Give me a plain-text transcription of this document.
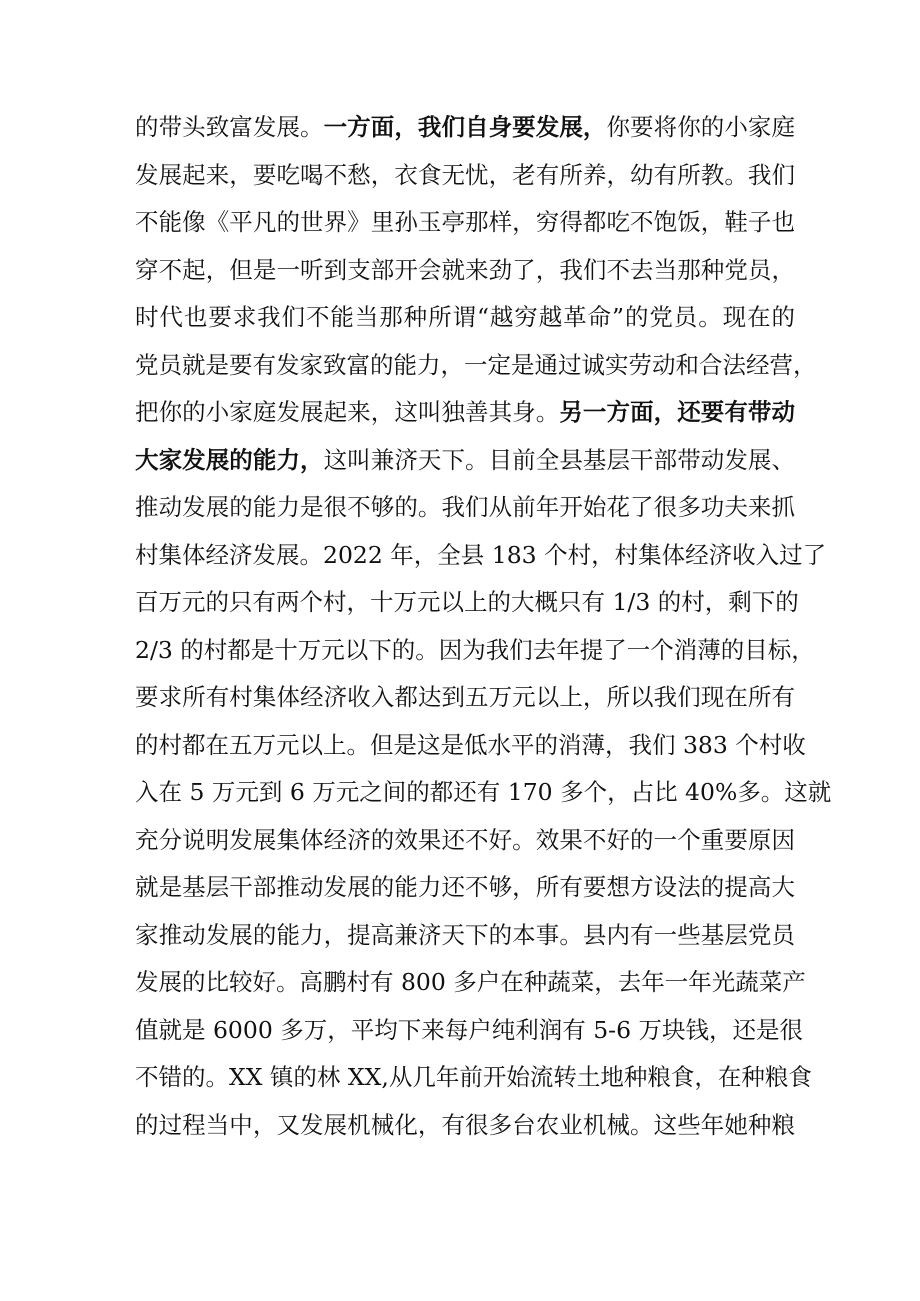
的带头致富发展。一方面，我们自身要发展，你要将你的小家庭
发展起来，要吃喝不愁，衣食无忧，老有所养，幼有所教。我们
不能像《平凡的世界》里孙玉亭那样，穷得都吃不饱饭，鞋子也
穿不起，但是一听到支部开会就来劲了，我们不去当那种党员，
时代也要求我们不能当那种所谓“越穷越革命”的党员。现在的
党员就是要有发家致富的能力，一定是通过诚实劳动和合法经营，
把你的小家庭发展起来，这叫独善其身。另一方面，还要有带动
大家发展的能力，这叫兼济天下。目前全县基层干部带动发展、
推动发展的能力是很不够的。我们从前年开始花了很多功夫来抓
村集体经济发展。2022 年，全县 183 个村，村集体经济收入过了
百万元的只有两个村，十万元以上的大概只有 1/3 的村，剩下的
2/3 的村都是十万元以下的。因为我们去年提了一个消薄的目标，
要求所有村集体经济收入都达到五万元以上，所以我们现在所有
的村都在五万元以上。但是这是低水平的消薄，我们 383 个村收
入在 5 万元到 6 万元之间的都还有 170 多个，占比 40%多。这就
充分说明发展集体经济的效果还不好。效果不好的一个重要原因
就是基层干部推动发展的能力还不够，所有要想方设法的提高大
家推动发展的能力，提高兼济天下的本事。县内有一些基层党员
发展的比较好。高鹏村有 800 多户在种蔬菜，去年一年光蔬菜产
值就是 6000 多万，平均下来每户纯利润有 5-6 万块钱，还是很
不错的。XX 镇的林 XX,从几年前开始流转土地种粮食，在种粮食
的过程当中，又发展机械化，有很多台农业机械。这些年她种粮
